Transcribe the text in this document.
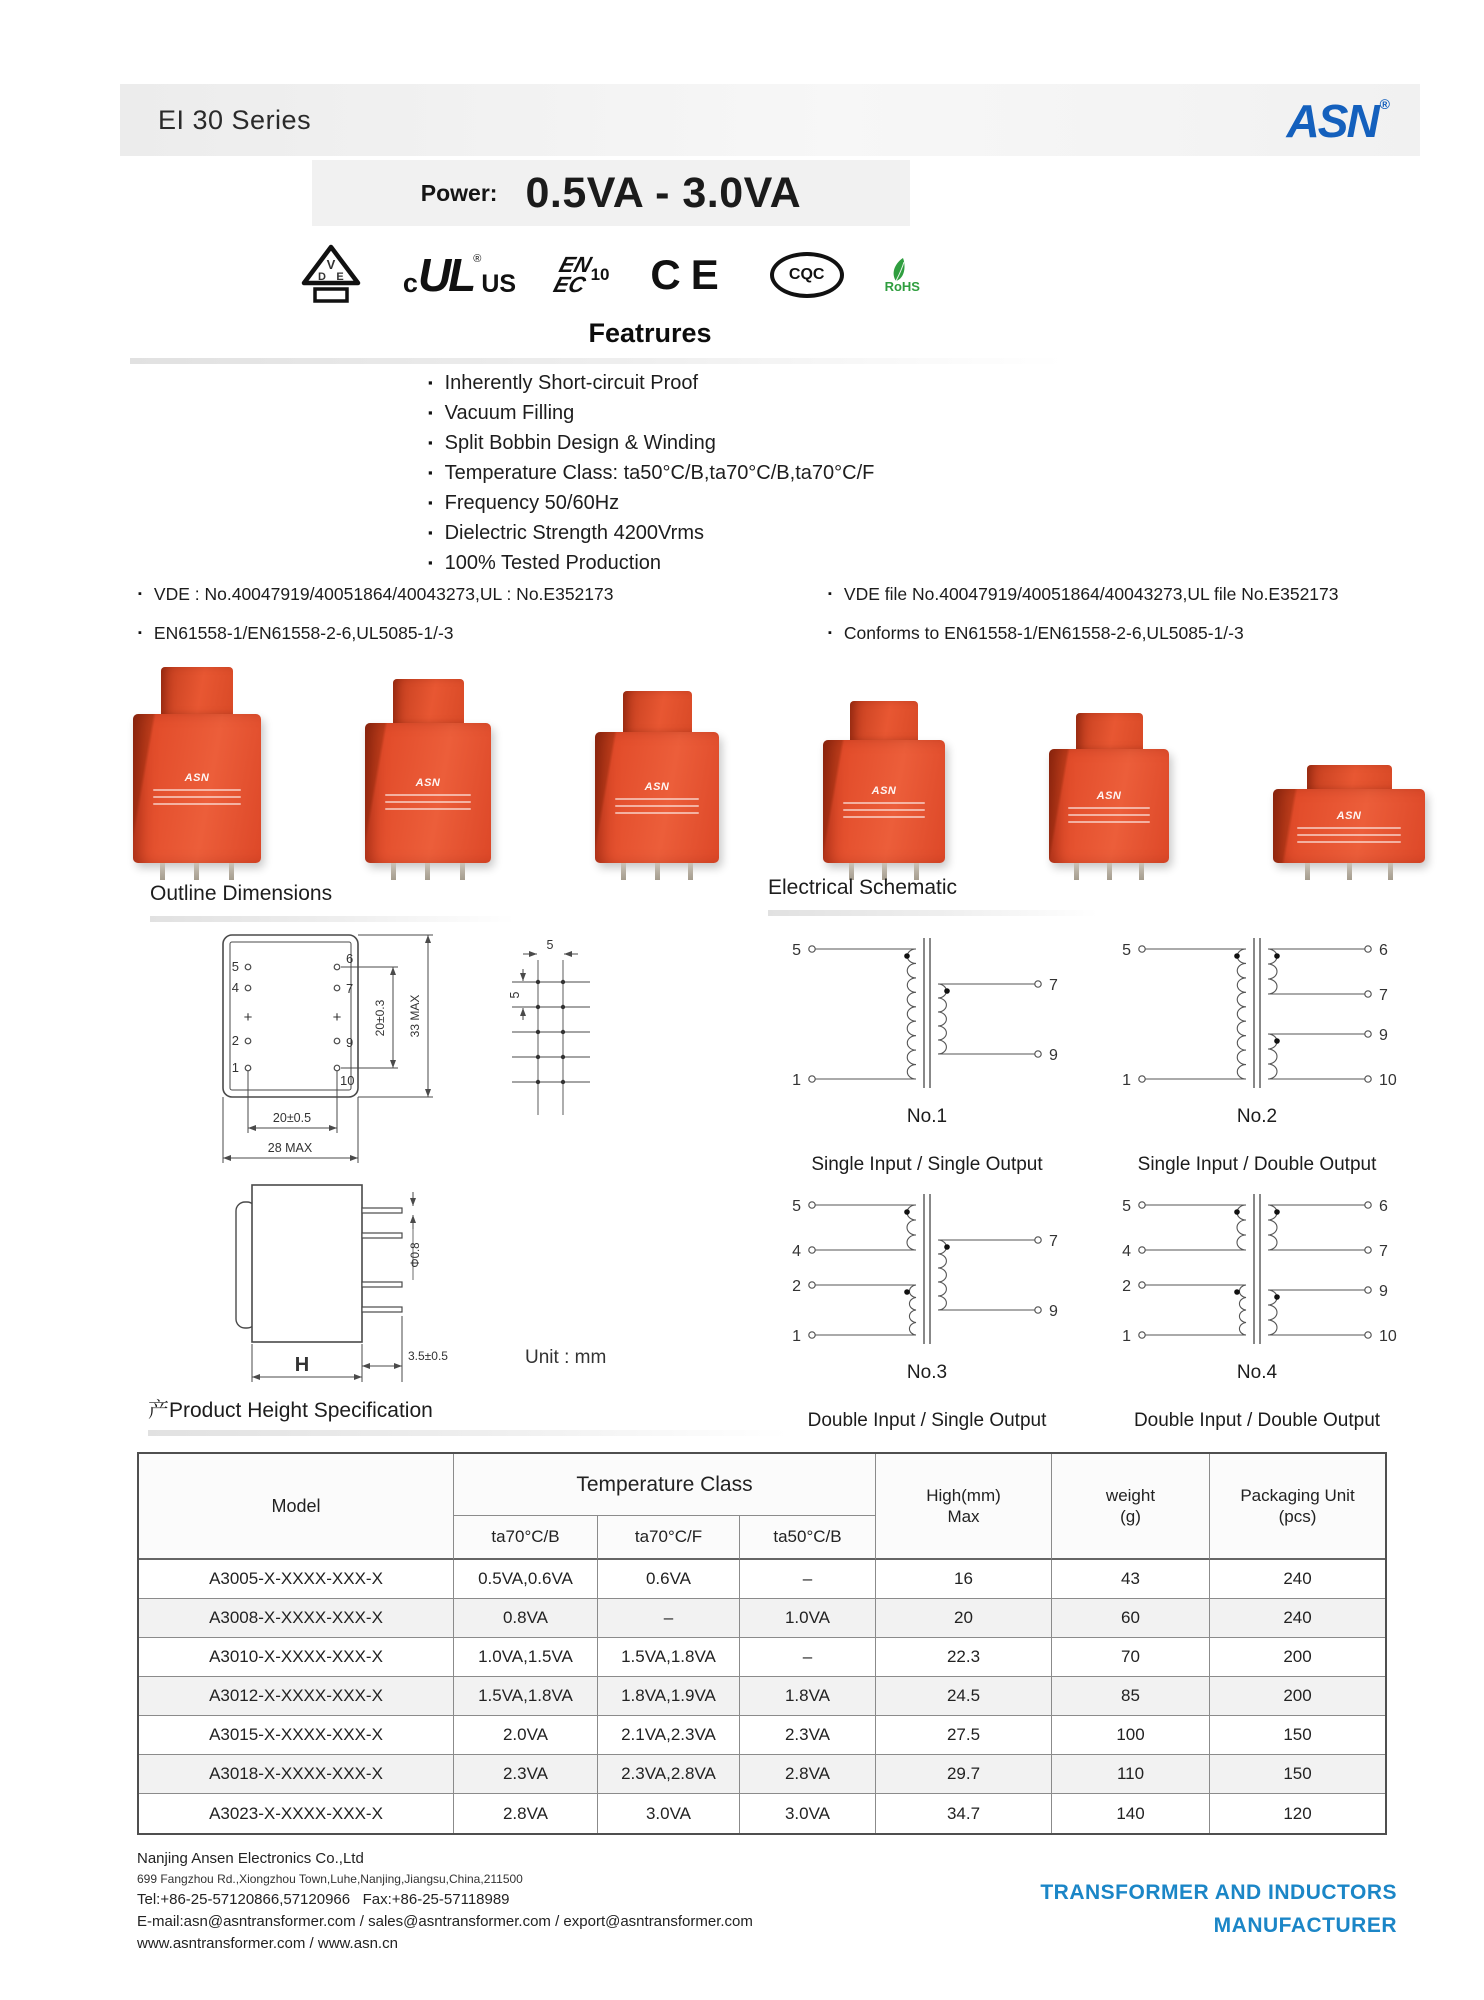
EI 30 Series	ASN ®
Power: 0.5VA - 3.0VA
V
D E c UL ®
US
EN
EC 10 CE	CQC
RoHS
Featrures
▪ Inherently Short-circuit Proof
▪ Vacuum Filling
▪ Split Bobbin Design & Winding
▪ Temperature Class: ta50°C/B,ta70°C/B,ta70°C/F
▪ Frequency 50/60Hz
▪ Dielectric Strength 4200Vrms
▪ 100% Tested Production
▪ VDE : No.40047919/40051864/40043273,UL : No.E352173
▪ EN61558-1/EN61558-2-6,UL5085-1/-3
▪ VDE file No.40047919/40051864/40043273,UL file No.E352173
▪ Conforms to EN61558-1/EN61558-2-6,UL5085-1/-3
ASN	ASN	ASN	ASN	ASN
ASN
Outline Dimensions	Electrical Schematic
5
4
2
1
+	+
6
7
9
10
20±0.3 33 MAX
20±0.5
28 MAX
5
5
Φ0.8
H	3.5±0.5	Unit : mm
5
1
7
9
No.1
Single Input / Single Output
5
1
6
7
9
10
No.2
Single Input / Double Output
5
4
2
1
7
9
No.3
Double Input / Single Output
5
4
2
1
6
7
9
10
No.4
Double Input / Double Output
产Product Height Specification
Model
Temperature Class
ta70°C/B	ta70°C/F	ta50°C/B
High(mm)
Max
weight
(g)
Packaging Unit
(pcs)
A3005-X-XXXX-XXX-X	0.5VA,0.6VA	0.6VA	–	16	43	240
A3008-X-XXXX-XXX-X	0.8VA	–	1.0VA	20	60	240
A3010-X-XXXX-XXX-X	1.0VA,1.5VA	1.5VA,1.8VA	–	22.3	70	200
A3012-X-XXXX-XXX-X	1.5VA,1.8VA	1.8VA,1.9VA	1.8VA	24.5	85	200
A3015-X-XXXX-XXX-X	2.0VA	2.1VA,2.3VA	2.3VA	27.5	100	150
A3018-X-XXXX-XXX-X	2.3VA	2.3VA,2.8VA	2.8VA	29.7	110	150
A3023-X-XXXX-XXX-X	2.8VA	3.0VA	3.0VA	34.7	140	120
Nanjing Ansen Electronics Co.,Ltd
699 Fangzhou Rd.,Xiongzhou Town,Luhe,Nanjing,Jiangsu,China,211500
Tel:+86-25-57120866,57120966   Fax:+86-25-57118989
E-mail:asn@asntransformer.com / sales@asntransformer.com / export@asntransformer.com
www.asntransformer.com / www.asn.cn
TRANSFORMER AND INDUCTORS
MANUFACTURER
